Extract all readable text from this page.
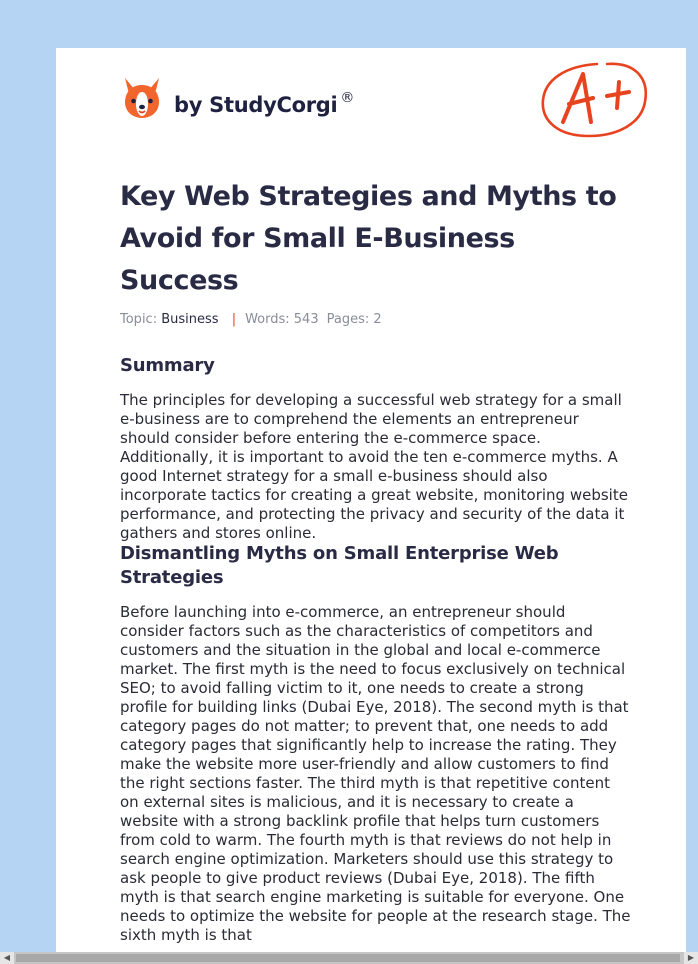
by StudyCorgi ®
Key Web Strategies and Myths to Avoid for Small E-Business Success
Topic: Business | Words: 543 Pages: 2
Summary

The principles for developing a successful web strategy for a small e-business are to comprehend the elements an entrepreneur should consider before entering the e-commerce space. Additionally, it is important to avoid the ten e-commerce myths. A good Internet strategy for a small e-business should also incorporate tactics for creating a great website, monitoring website performance, and protecting the privacy and security of the data it gathers and stores online.

Dismantling Myths on Small Enterprise Web Strategies

Before launching into e-commerce, an entrepreneur should consider factors such as the characteristics of competitors and customers and the situation in the global and local e-commerce market. The first myth is the need to focus exclusively on technical SEO; to avoid falling victim to it, one needs to create a strong profile for building links (Dubai Eye, 2018). The second myth is that category pages do not matter; to prevent that, one needs to add category pages that significantly help to increase the rating. They make the website more user-friendly and allow customers to find the right sections faster. The third myth is that repetitive content on external sites is malicious, and it is necessary to create a website with a strong backlink profile that helps turn customers from cold to warm. The fourth myth is that reviews do not help in search engine optimization. Marketers should use this strategy to ask people to give product reviews (Dubai Eye, 2018). The fifth myth is that search engine marketing is suitable for everyone. One needs to optimize the website for people at the research stage. The sixth myth is that

◀	▶
